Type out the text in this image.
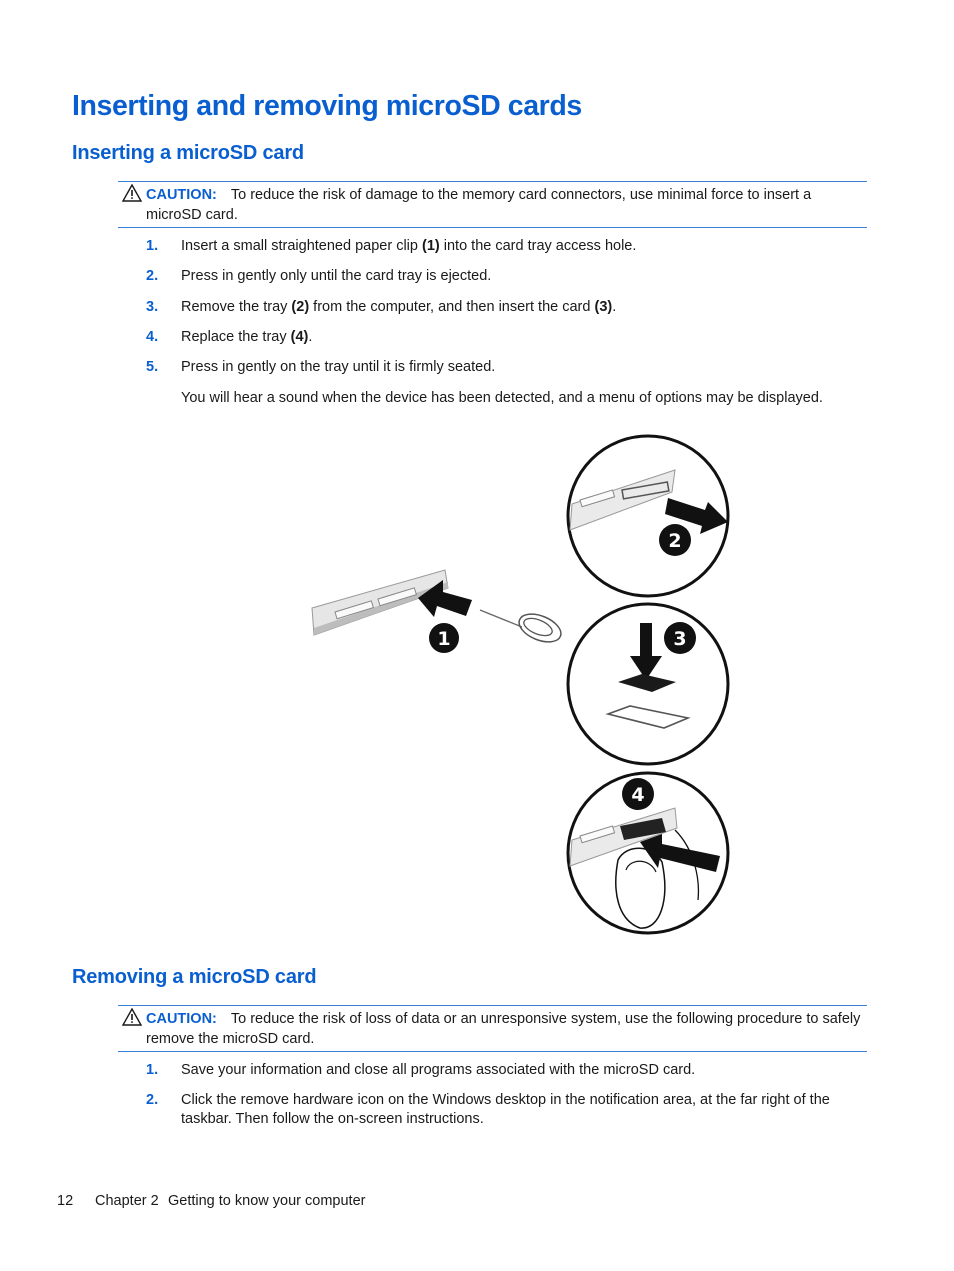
Inserting and removing microSD cards
Inserting a microSD card
CAUTION: To reduce the risk of damage to the memory card connectors, use minimal force to insert a microSD card.
1. Insert a small straightened paper clip (1) into the card tray access hole.
2. Press in gently only until the card tray is ejected.
3. Remove the tray (2) from the computer, and then insert the card (3).
4. Replace the tray (4).
5. Press in gently on the tray until it is firmly seated.
You will hear a sound when the device has been detected, and a menu of options may be displayed.
1
2
3
4
Removing a microSD card
CAUTION: To reduce the risk of loss of data or an unresponsive system, use the following procedure to safely remove the microSD card.
1. Save your information and close all programs associated with the microSD card.
2. Click the remove hardware icon on the Windows desktop in the notification area, at the far right of the taskbar. Then follow the on-screen instructions.
12 Chapter 2 Getting to know your computer
